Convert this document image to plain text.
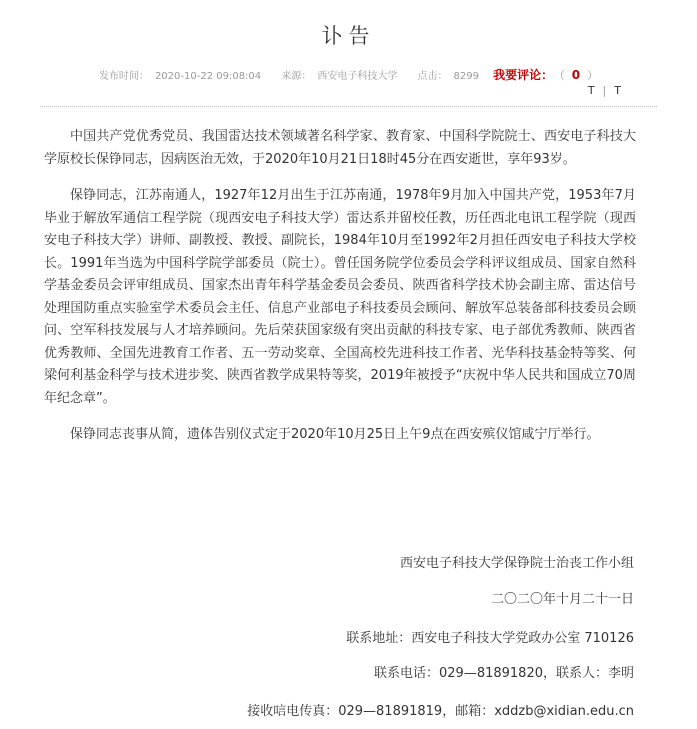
讣告
发布时间： 2020-10-22 09:08:04 来源： 西安电子科技大学 点击： 8299 我要评论： （ 0 ）
T | T

中国共产党优秀党员、我国雷达技术领域著名科学家、教育家、中国科学院院士、西安电子科技大学原校长保铮同志，因病医治无效，于2020年10月21日18时45分在西安逝世，享年93岁。

保铮同志，江苏南通人，1927年12月出生于江苏南通，1978年9月加入中国共产党，1953年7月毕业于解放军通信工程学院（现西安电子科技大学）雷达系并留校任教，历任西北电讯工程学院（现西安电子科技大学）讲师、副教授、教授、副院长，1984年10月至1992年2月担任西安电子科技大学校长。1991年当选为中国科学院学部委员（院士）。曾任国务院学位委员会学科评议组成员、国家自然科学基金委员会评审组成员、国家杰出青年科学基金委员会委员、陕西省科学技术协会副主席、雷达信号处理国防重点实验室学术委员会主任、信息产业部电子科技委员会顾问、解放军总装备部科技委员会顾问、空军科技发展与人才培养顾问。先后荣获国家级有突出贡献的科技专家、电子部优秀教师、陕西省优秀教师、全国先进教育工作者、五一劳动奖章、全国高校先进科技工作者、光华科技基金特等奖、何梁何利基金科学与技术进步奖、陕西省教学成果特等奖，2019年被授予“庆祝中华人民共和国成立70周年纪念章”。

保铮同志丧事从简，遗体告别仪式定于2020年10月25日上午9点在西安殡仪馆咸宁厅举行。

西安电子科技大学保铮院士治丧工作小组
二〇二〇年十月二十一日
联系地址：西安电子科技大学党政办公室 710126
联系电话：029—81891820，联系人：李明
接收唁电传真：029—81891819，邮箱：xddzb@xidian.edu.cn
